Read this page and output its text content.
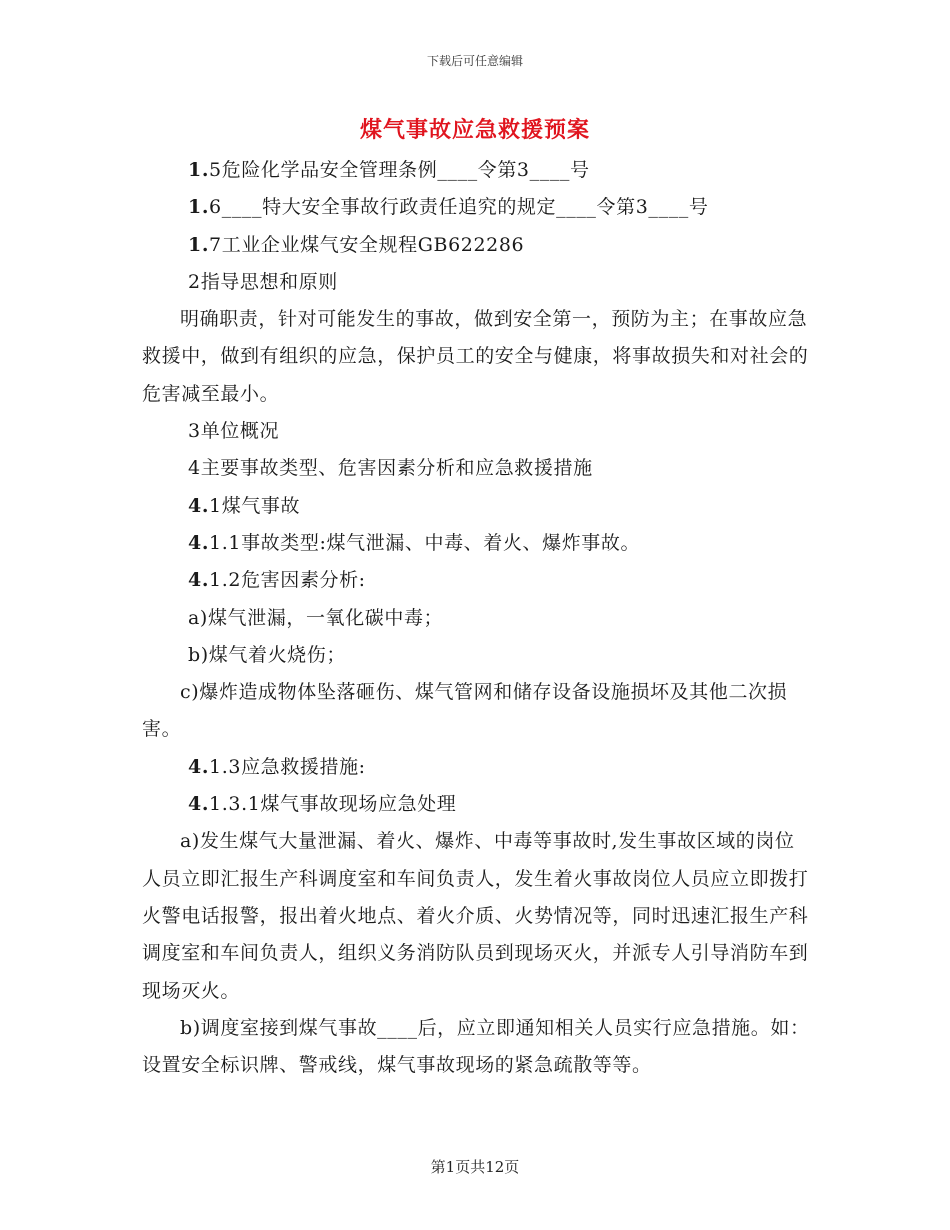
下载后可任意编辑
煤气事故应急救援预案

1.5危险化学品安全管理条例____令第3____号

1.6____特大安全事故行政责任追究的规定____令第3____号

1.7工业企业煤气安全规程GB622286

2指导思想和原则

明确职责，针对可能发生的事故，做到安全第一，预防为主；在事故应急救援中，做到有组织的应急，保护员工的安全与健康，将事故损失和对社会的危害减至最小。

3单位概况

4主要事故类型、危害因素分析和应急救援措施

4.1煤气事故

4.1.1事故类型:煤气泄漏、中毒、着火、爆炸事故。

4.1.2危害因素分析:

a)煤气泄漏，一氧化碳中毒；

b)煤气着火烧伤；

c)爆炸造成物体坠落砸伤、煤气管网和储存设备设施损坏及其他二次损害。

4.1.3应急救援措施:

4.1.3.1煤气事故现场应急处理

a)发生煤气大量泄漏、着火、爆炸、中毒等事故时,发生事故区域的岗位人员立即汇报生产科调度室和车间负责人，发生着火事故岗位人员应立即拨打火警电话报警，报出着火地点、着火介质、火势情况等，同时迅速汇报生产科调度室和车间负责人，组织义务消防队员到现场灭火，并派专人引导消防车到现场灭火。

b)调度室接到煤气事故____后，应立即通知相关人员实行应急措施。如：设置安全标识牌、警戒线，煤气事故现场的紧急疏散等等。

第1页共12页
